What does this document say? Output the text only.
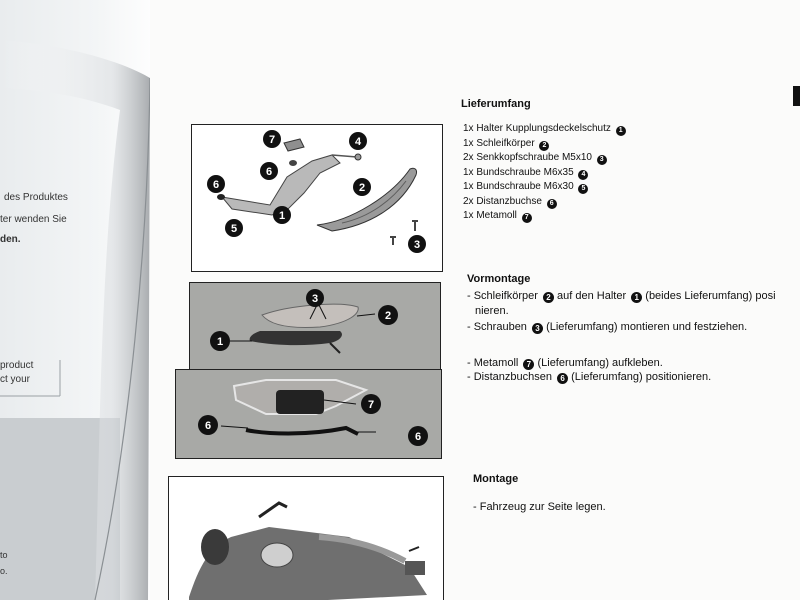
des Produktes
ter wenden Sie
den.
product
ct your
to
o.
7	4
6
6	2
1
5
3
3
2
1
7
6
6
Lieferumfang
1x Halter Kupplungsdeckelschutz 1
1x Schleifkörper 2
2x Senkkopfschraube M5x10 3
1x Bundschraube M6x35 4
1x Bundschraube M6x30 5
2x Distanzbuchse 6
1x Metamoll 7
Vormontage
- Schleifkörper 2 auf den Halter 1 (beides Lieferumfang) posi
nieren.
- Schrauben 3 (Lieferumfang) montieren und festziehen.
- Metamoll 7 (Lieferumfang) aufkleben.
- Distanzbuchsen 6 (Lieferumfang) positionieren.
Montage
- Fahrzeug zur Seite legen.
